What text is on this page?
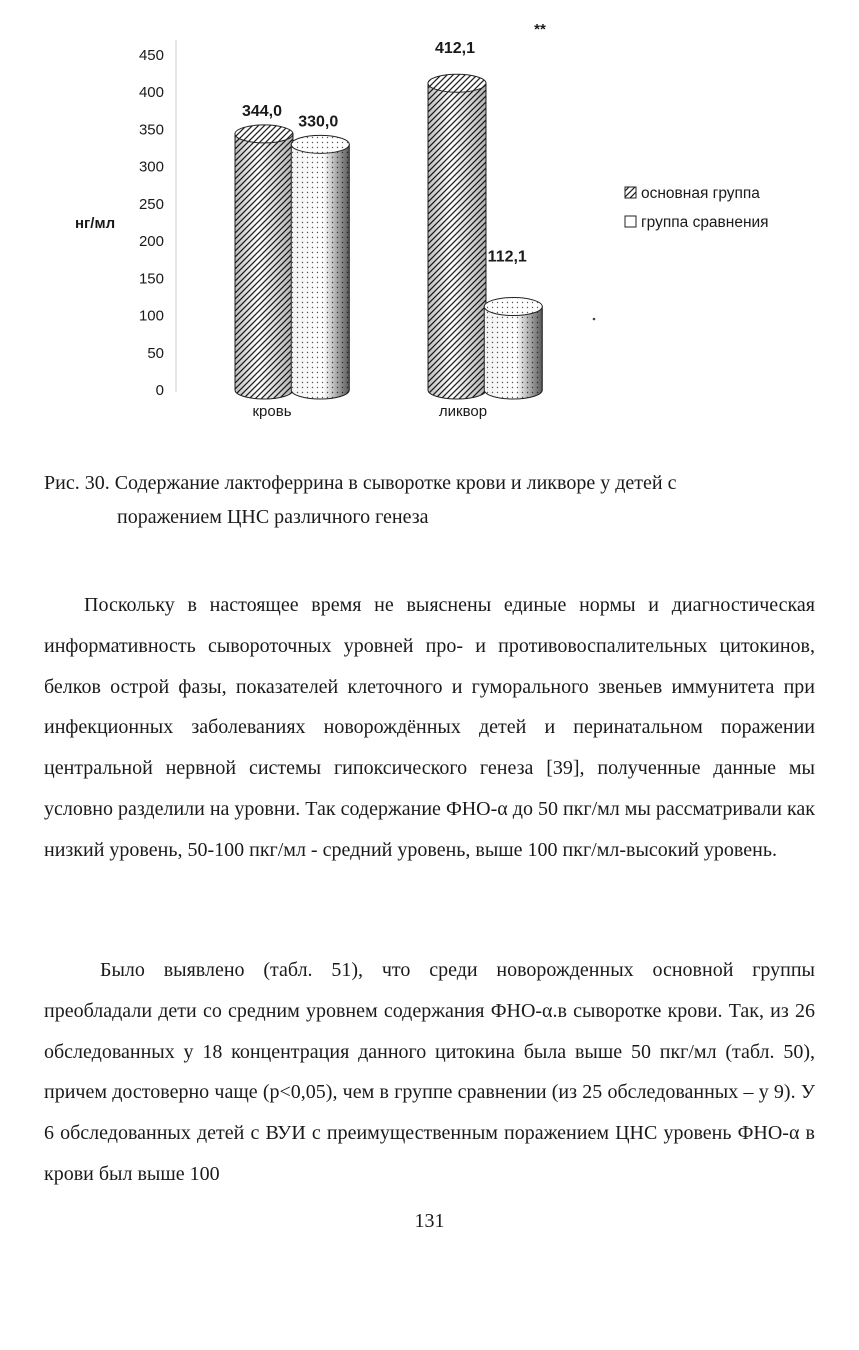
0
50
100
150
200
250
300
350
400
450
нг/мл
344,0
330,0
412,1
112,1
кровь	ликвор
**
основная группа
группа сравнения
Рис. 30. Содержание лактоферрина в сыворотке крови и ликворе у детей с
поражением ЦНС различного генеза

Поскольку в настоящее время не выяснены единые нормы и диагностическая информативность сывороточных уровней про- и противовоспалительных цитокинов, белков острой фазы, показателей клеточного и гуморального звеньев иммунитета при инфекционных заболеваниях новорождённых детей и перинатальном поражении центральной нервной системы гипоксического генеза [39], полученные данные мы условно разделили на уровни. Так содержание ФНО-α до 50 пкг/мл мы рассматривали как низкий уровень, 50-100 пкг/мл - средний уровень, выше 100 пкг/мл-высокий уровень.

Было выявлено (табл. 51), что среди новорожденных основной группы преобладали дети со средним уровнем содержания ФНО-α.в сыворотке крови. Так, из 26 обследованных у 18 концентрация данного цитокина была выше 50 пкг/мл (табл. 50), причем достоверно чаще (р<0,05), чем в группе сравнении (из 25 обследованных – у 9). У 6 обследованных детей с ВУИ с преимущественным поражением ЦНС уровень ФНО-α в крови был выше 100

131
